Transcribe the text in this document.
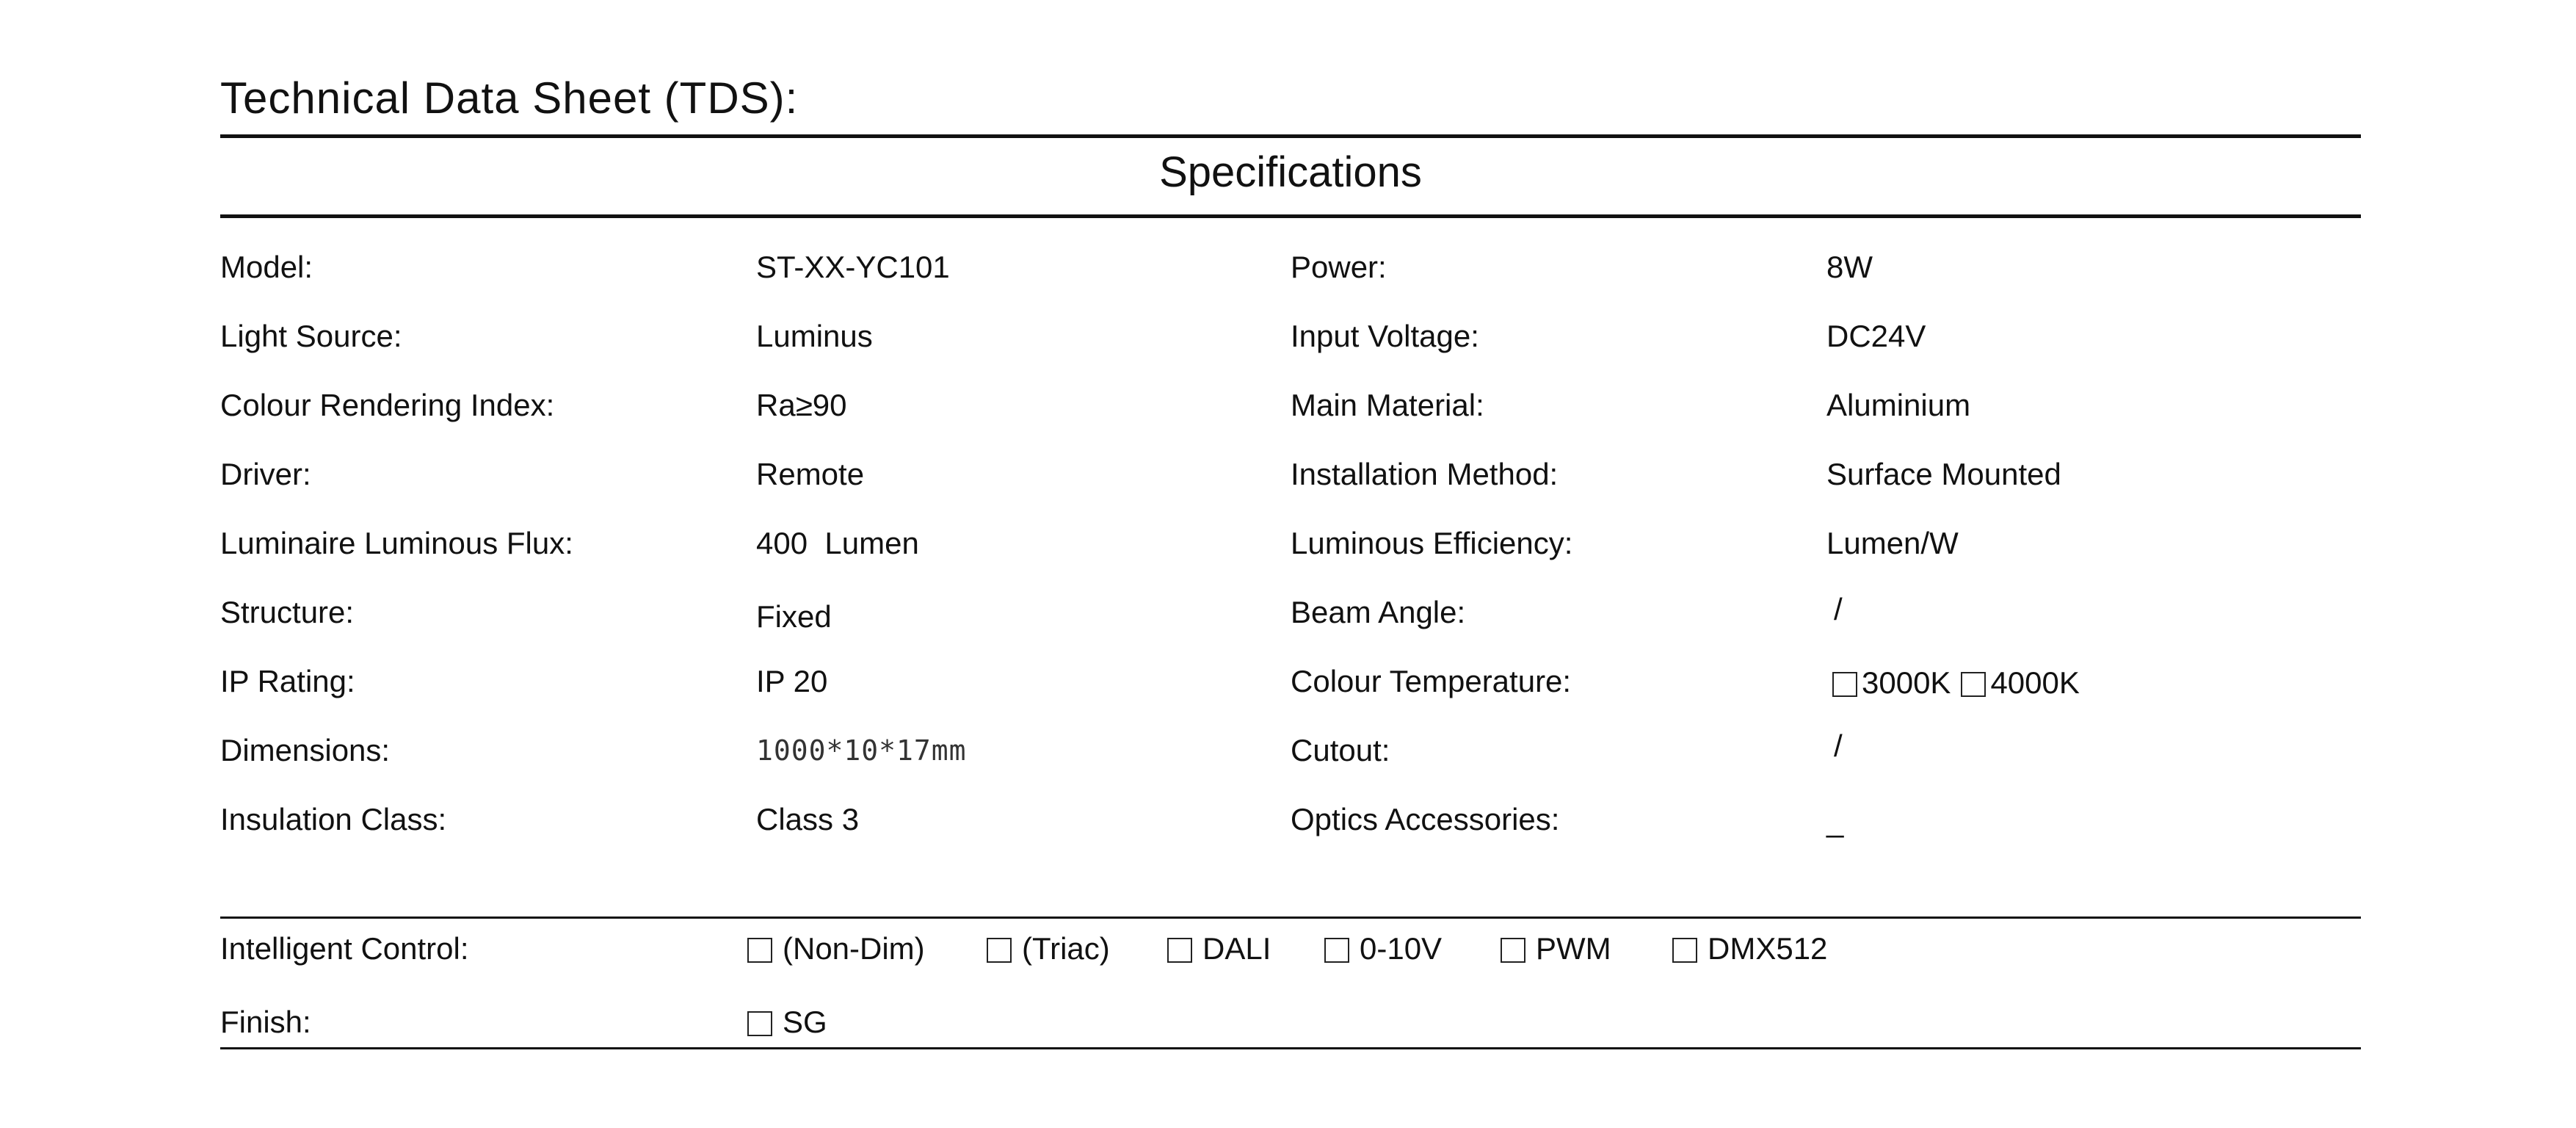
Technical Data Sheet (TDS):
Specifications
Model:	ST-XX-YC101	Power:	8W
Light Source:	Luminus	Input Voltage:	DC24V
Colour Rendering Index:	Ra≥90	Main Material:	Aluminium
Driver:	Remote	Installation Method:	Surface Mounted
Luminaire Luminous Flux:	400  Lumen	Luminous Efficiency:	Lumen/W
Structure:	Fixed	Beam Angle:	/
IP Rating:	IP 20	Colour Temperature:	3000K 4000K
Dimensions:	1000*10*17mm	Cutout:	/
Insulation Class:	Class 3	Optics Accessories:	_
Intelligent Control:	(Non-Dim)	(Triac)	DALI	0-10V	PWM	DMX512
Finish:	SG
